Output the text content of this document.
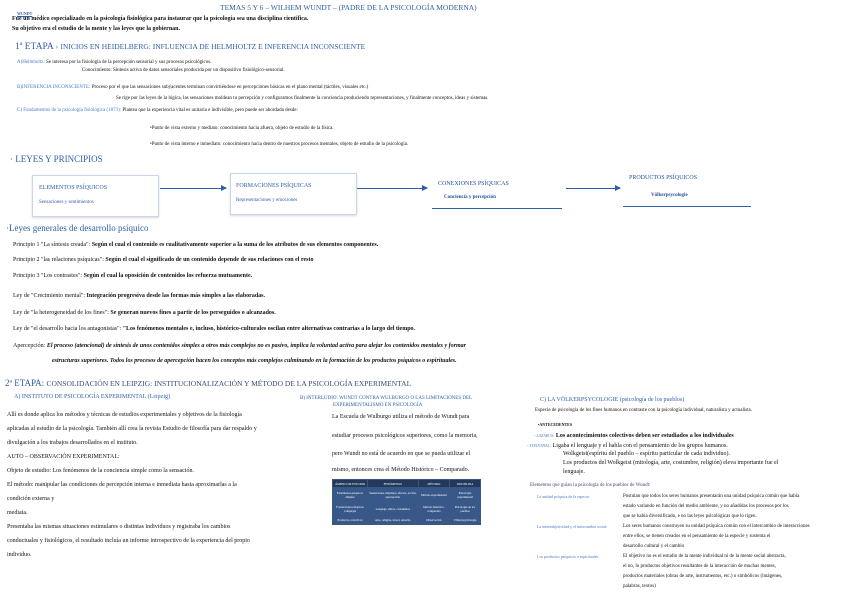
TEMAS 5 Y 6 – WILHEM WUNDT – (PADRE DE LA PSICOLOGÍA MODERNA)
WUNDT
Fue un médico especializado en la psicología fisiológica para instaurar que la psicología sea una disciplina científica.
Su objetivo era el estudio de la mente y las leyes que la gobiernan.
1ª ETAPA › INICIOS EN HEIDELBERG: INFLUENCIA DE HELMHOLTZ E INFERENCIA INCONSCIENTE
A)Helmholtz: Se interesa por la fisiología de la percepción sensorial y sus procesos psicológicos.
Conocimiento: Síntesis activa de datos sensoriales producida por un dispositivo fisiológico-sensorial.
B)INFERENCIA INCONSCIENTE: Proceso por el que las sensaciones subyacentes terminan convirtiéndose en percepciones básicas en el plano mental (táctiles, visuales etc.)
Se rige por las leyes de la lógica, las sensaciones moldean tu percepción y configuramos finalmente la conciencia produciendo representaciones, y finalmente conceptos, ideas y sistemas.
C) Fundamentos de la psicología fisiológica (1873): Plantea que la experiencia vital es unitaria e indivisible, pero puede ser abordada desde:
•Punto de vista externo y mediato: conocimiento hacia afuera, objeto de estudio de la física.
•Punto de vista interno e inmediato: conocimiento hacia dentro de nuestros procesos mentales, objeto de estudio de la psicología.
· LEYES Y PRINCIPIOS
ELEMENTOS PSÍQUICOS
Sensaciones y sentimientos
FORMACIONES PSÍQUICAS
Representaciones y emociones
CONEXIONES PSÍQUICAS
Conciencia y percepción
PRODUCTOS PSÍQUICOS
Völkerpsycologie
·Leyes generales de desarrollo psíquico
Principio 1 "La síntesis creada": Según el cual el contenido es cualitativamente superior a la suma de los atributos de sus elementos componentes.
Principio 2 "las relaciones psíquicas": Según el cual el significado de un contenido depende de sus relaciones con el resto
Principio 3 "Los contrastes": Según el cual la oposición de contenidos los refuerza mutuamente.
Ley de "Crecimiento mental": Integración progresiva desde las formas más simples a las elaboradas.
Ley de "la heterogeneidad de los fines": Se generan nuevos fines a partir de los perseguidos o alcanzados.
Ley de "el desarrollo hacia los antagonistas": "Los fenómenos mentales e, incluso, histórico-culturales oscilan entre alternativas contrarias a lo largo del tiempo.
Apercepción: El proceso (atencional) de síntesis de unos contenidos simples a otros más complejos no es pasivo, implica la voluntad activa para alejar los contenidos mentales y formar
estructuras superiores. Todos los procesos de apercepción hacen los conceptos más complejos culminando en la formación de los productos psíquicos o espirituales.
2ª ETAPA: CONSOLIDACIÓN EN LEIPZIG: INSTITUCIONALIZACIÓN Y MÉTODO DE LA PSICOLOGÍA EXPERIMENTAL
A) INSTITUTO DE PSICOLOGÍA EXPERIMENTAL (Leipzig)
Allí es donde aplica los métodos y técnicas de estudios experimentales y objetivos de la fisiología
aplicadas al estudio de la psicología. También allí crea la revista Estudio de filosofía para dar respaldo y
divulgación a los trabajos desarrollados en el instituto.
AUTO – OBSERVACIÓN EXPERIMENTAL:
Objeto de estudio: Los fenómenos de la conciencia simple como la sensación.
El método: manipular las condiciones de percepción interna e inmediata hasta aproximarlas a la
condición externa y
mediata.
Presentaba las mismas situaciones estimulares o distintas individuos y registraba los cambios
conductuales y fisiológicos, el resultado incluía un informe introspectivo de la experiencia del propio
individuo.
B) INTERLUDIO: WUNDT CONTRA WULBURGO O LAS LIMITACIONES DEL
EXPERIMENTALISMO EN PSICOLOGÍA
La Escuela de Wulburgo utiliza el método de Wundt para
estudiar procesos psicológicos superiores, como la memoria,
pero Wundt no está de acuerdo en que se pueda utilizar el
mismo, entonces crea el Método Histórico – Comparado.
ÁMBITO DE ESTUDIO	FENÓMENOS	MÉTODO	DISCIPLINA
Fenómenos psíquicos simples	Sensaciones, impulsos, afectos, acción, apercepción	Método experimental	Psicología experimental
Formaciones psíquicas complejas	Lenguaje, mitos, costumbres	Método histórico-comparado	Psicología de los pueblos
Productos colectivos	Arte, religión, moral, derecho	Observación	Völkerpsychologie
C) LA VÖLKERPSYCOLOGIE (psicología de los pueblos)
Especie de psicología de los fines humanos en contraste con la psicología individual, naturalista y actualista.
•ANTECEDENTES
- LAZARUS: Los acontecimientos colectivos deben ser estudiados a los individuales
- STEINTHAL: Ligaba el lenguaje y el habla con el pensamiento de los grupos humanos.
Wolkgeist(espíritu del pueblo – espíritu particular de cada individuo).
Los productos del Wolkgeist (mitología, arte, costumbre, religión) eleva importante fue el
lenguaje.
Elementos que guían la psicología de los pueblos de Wundt:
La unidad psíquica de la especie:	Postulan que todos los seres humanos presentarán una unidad psíquica común que había
estado variando en función del medio ambiente, y no añadidas los procesos por los
que se había diversificado, e no las leyes psicológicas que lo rigen.
La intersubjetividad y el intercambio social:	Los seres humanos construyen su unidad psíquica común con el intercambio de interacciones
entre ellos, se tienen creados en el pensamiento de la especie y sustenta el
desarrollo cultural y el cambio
Los productos psíquicos o espirituales:	El objetivo no es el estudio de la mente individual ni de la mente social abstracta,
el no, lo productos objetivos resultantes de la interacción de muchas mentes,
productos materiales (obras de arte, instrumentos, etc.) o simbólicos (imágenes,
palabras, textos)
